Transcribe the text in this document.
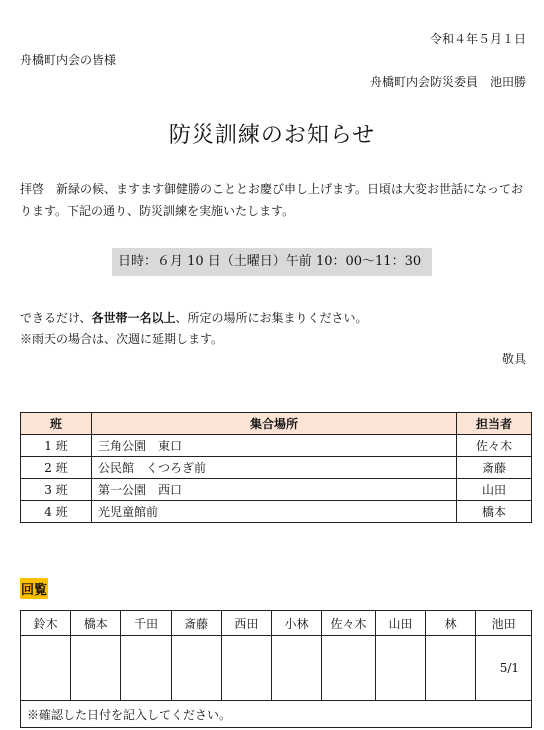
令和４年５月１日
舟橋町内会の皆様
舟橋町内会防災委員　池田勝
防災訓練のお知らせ
拝啓　新緑の候、ますます御健勝のこととお慶び申し上げます。日頃は大変お世話になっております。下記の通り、防災訓練を実施いたします。
日時：６月 10 日（土曜日）午前 10：00〜11：30
できるだけ、各世帯一名以上、所定の場所にお集まりください。
※雨天の場合は、次週に延期します。
敬具
班	集合場所	担当者
1 班	三角公園　東口	佐々木
2 班	公民館　くつろぎ前	斎藤
3 班	第一公園　西口	山田
4 班	光児童館前	橋本
回覧
鈴木	橋本	千田	斎藤	西田	小林	佐々木	山田	林	池田
									5/1
※確認した日付を記入してください。									
